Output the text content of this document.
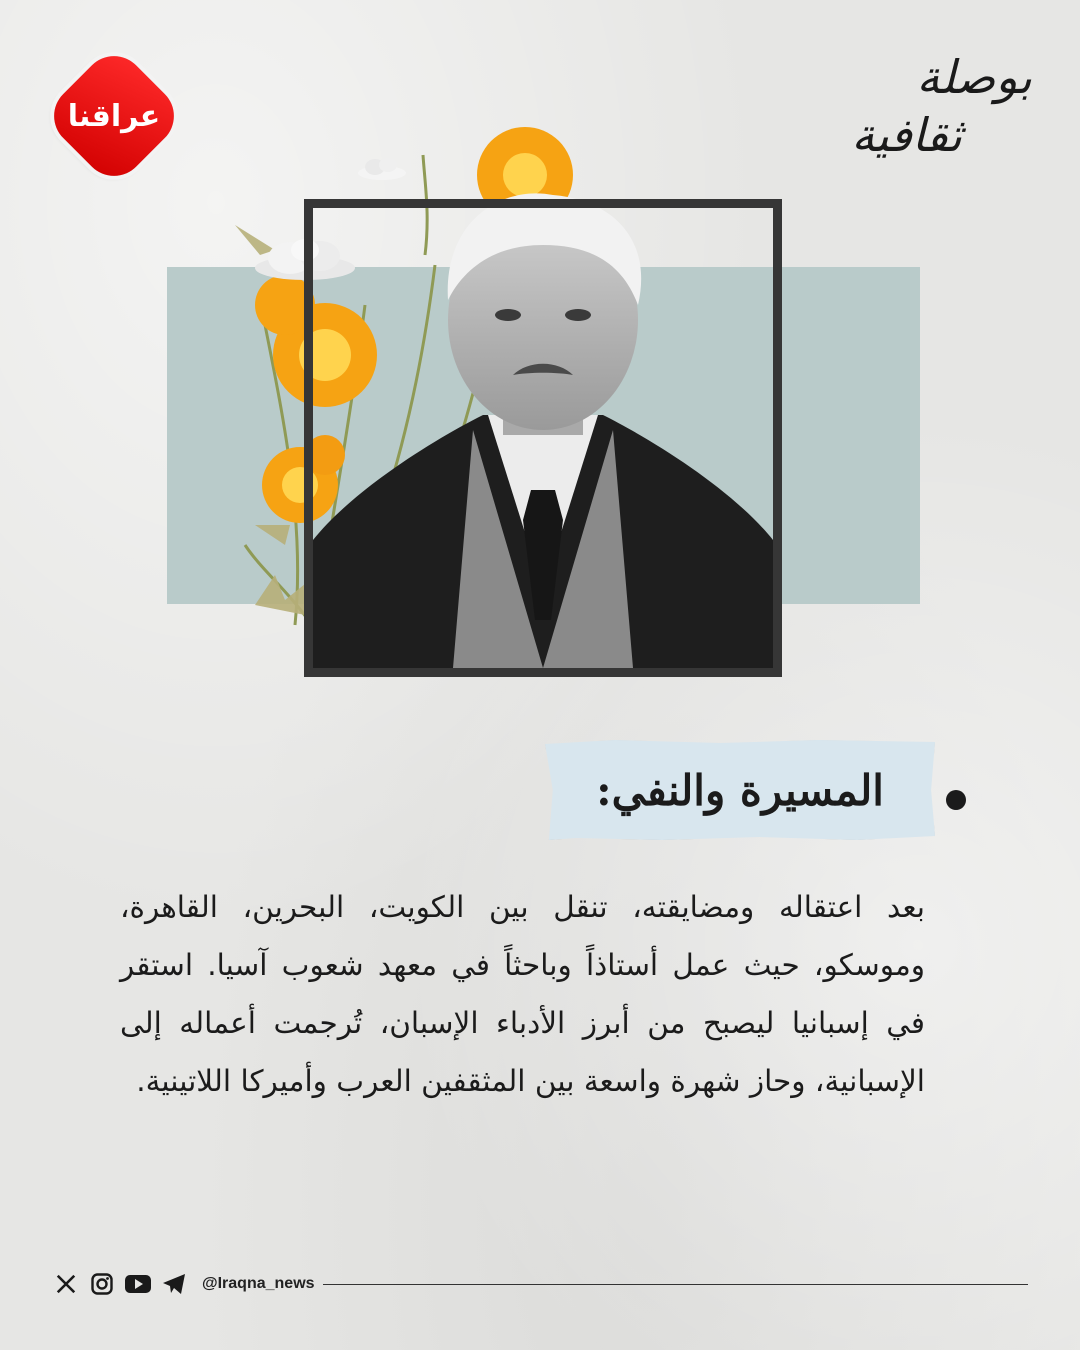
عراقنا
بوصلة
ثقافية
المسيرة والنفي:
بعد اعتقاله ومضايقته، تنقل بين الكويت، البحرين، القاهرة، وموسكو، حيث عمل أستاذاً وباحثاً في معهد شعوب آسيا. استقر في إسبانيا ليصبح من أبرز الأدباء الإسبان، تُرجمت أعماله إلى الإسبانية، وحاز شهرة واسعة بين المثقفين العرب وأميركا اللاتينية.
@Iraqna_news
